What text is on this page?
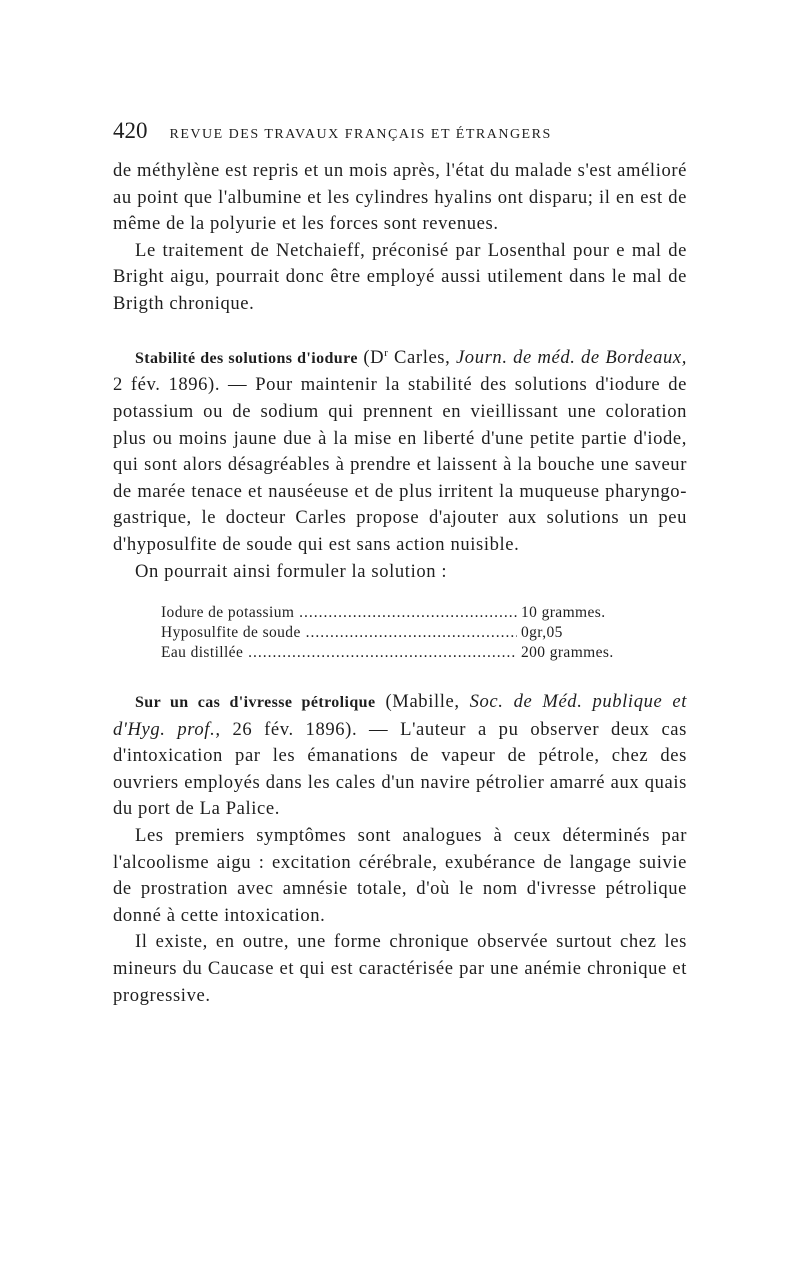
420 REVUE DES TRAVAUX FRANÇAIS ET ÉTRANGERS

de méthylène est repris et un mois après, l'état du malade s'est amélioré au point que l'albumine et les cylindres hyalins ont disparu; il en est de même de la polyurie et les forces sont revenues.

Le traitement de Netchaieff, préconisé par Losenthal pour e mal de Bright aigu, pourrait donc être employé aussi utilement dans le mal de Brigth chronique.

Stabilité des solutions d'iodure ($D^r$ Carles, Journ. de méd. de Bordeaux, 2 fév. 1896). — Pour maintenir la stabilité des solutions d'iodure de potassium ou de sodium qui prennent en vieillissant une coloration plus ou moins jaune due à la mise en liberté d'une petite partie d'iode, qui sont alors désagréables à prendre et laissent à la bouche une saveur de marée tenace et nauséeuse et de plus irritent la muqueuse pharyngo-gastrique, le docteur Carles propose d'ajouter aux solutions un peu d'hyposulfite de soude qui est sans action nuisible.

On pourrait ainsi formuler la solution :

Iodure de potassium .....	10 grammes.
Hyposulfite de soude .....	0gr,05
Eau distillée .....	200 grammes.

Sur un cas d'ivresse pétrolique (Mabille, Soc. de Méd. publique et d'Hyg. prof., 26 fév. 1896). — L'auteur a pu observer deux cas d'intoxication par les émanations de vapeur de pétrole, chez des ouvriers employés dans les cales d'un navire pétrolier amarré aux quais du port de La Palice.

Les premiers symptômes sont analogues à ceux déterminés par l'alcoolisme aigu : excitation cérébrale, exubérance de langage suivie de prostration avec amnésie totale, d'où le nom d'ivresse pétrolique donné à cette intoxication.

Il existe, en outre, une forme chronique observée surtout chez les mineurs du Caucase et qui est caractérisée par une anémie chronique et progressive.
